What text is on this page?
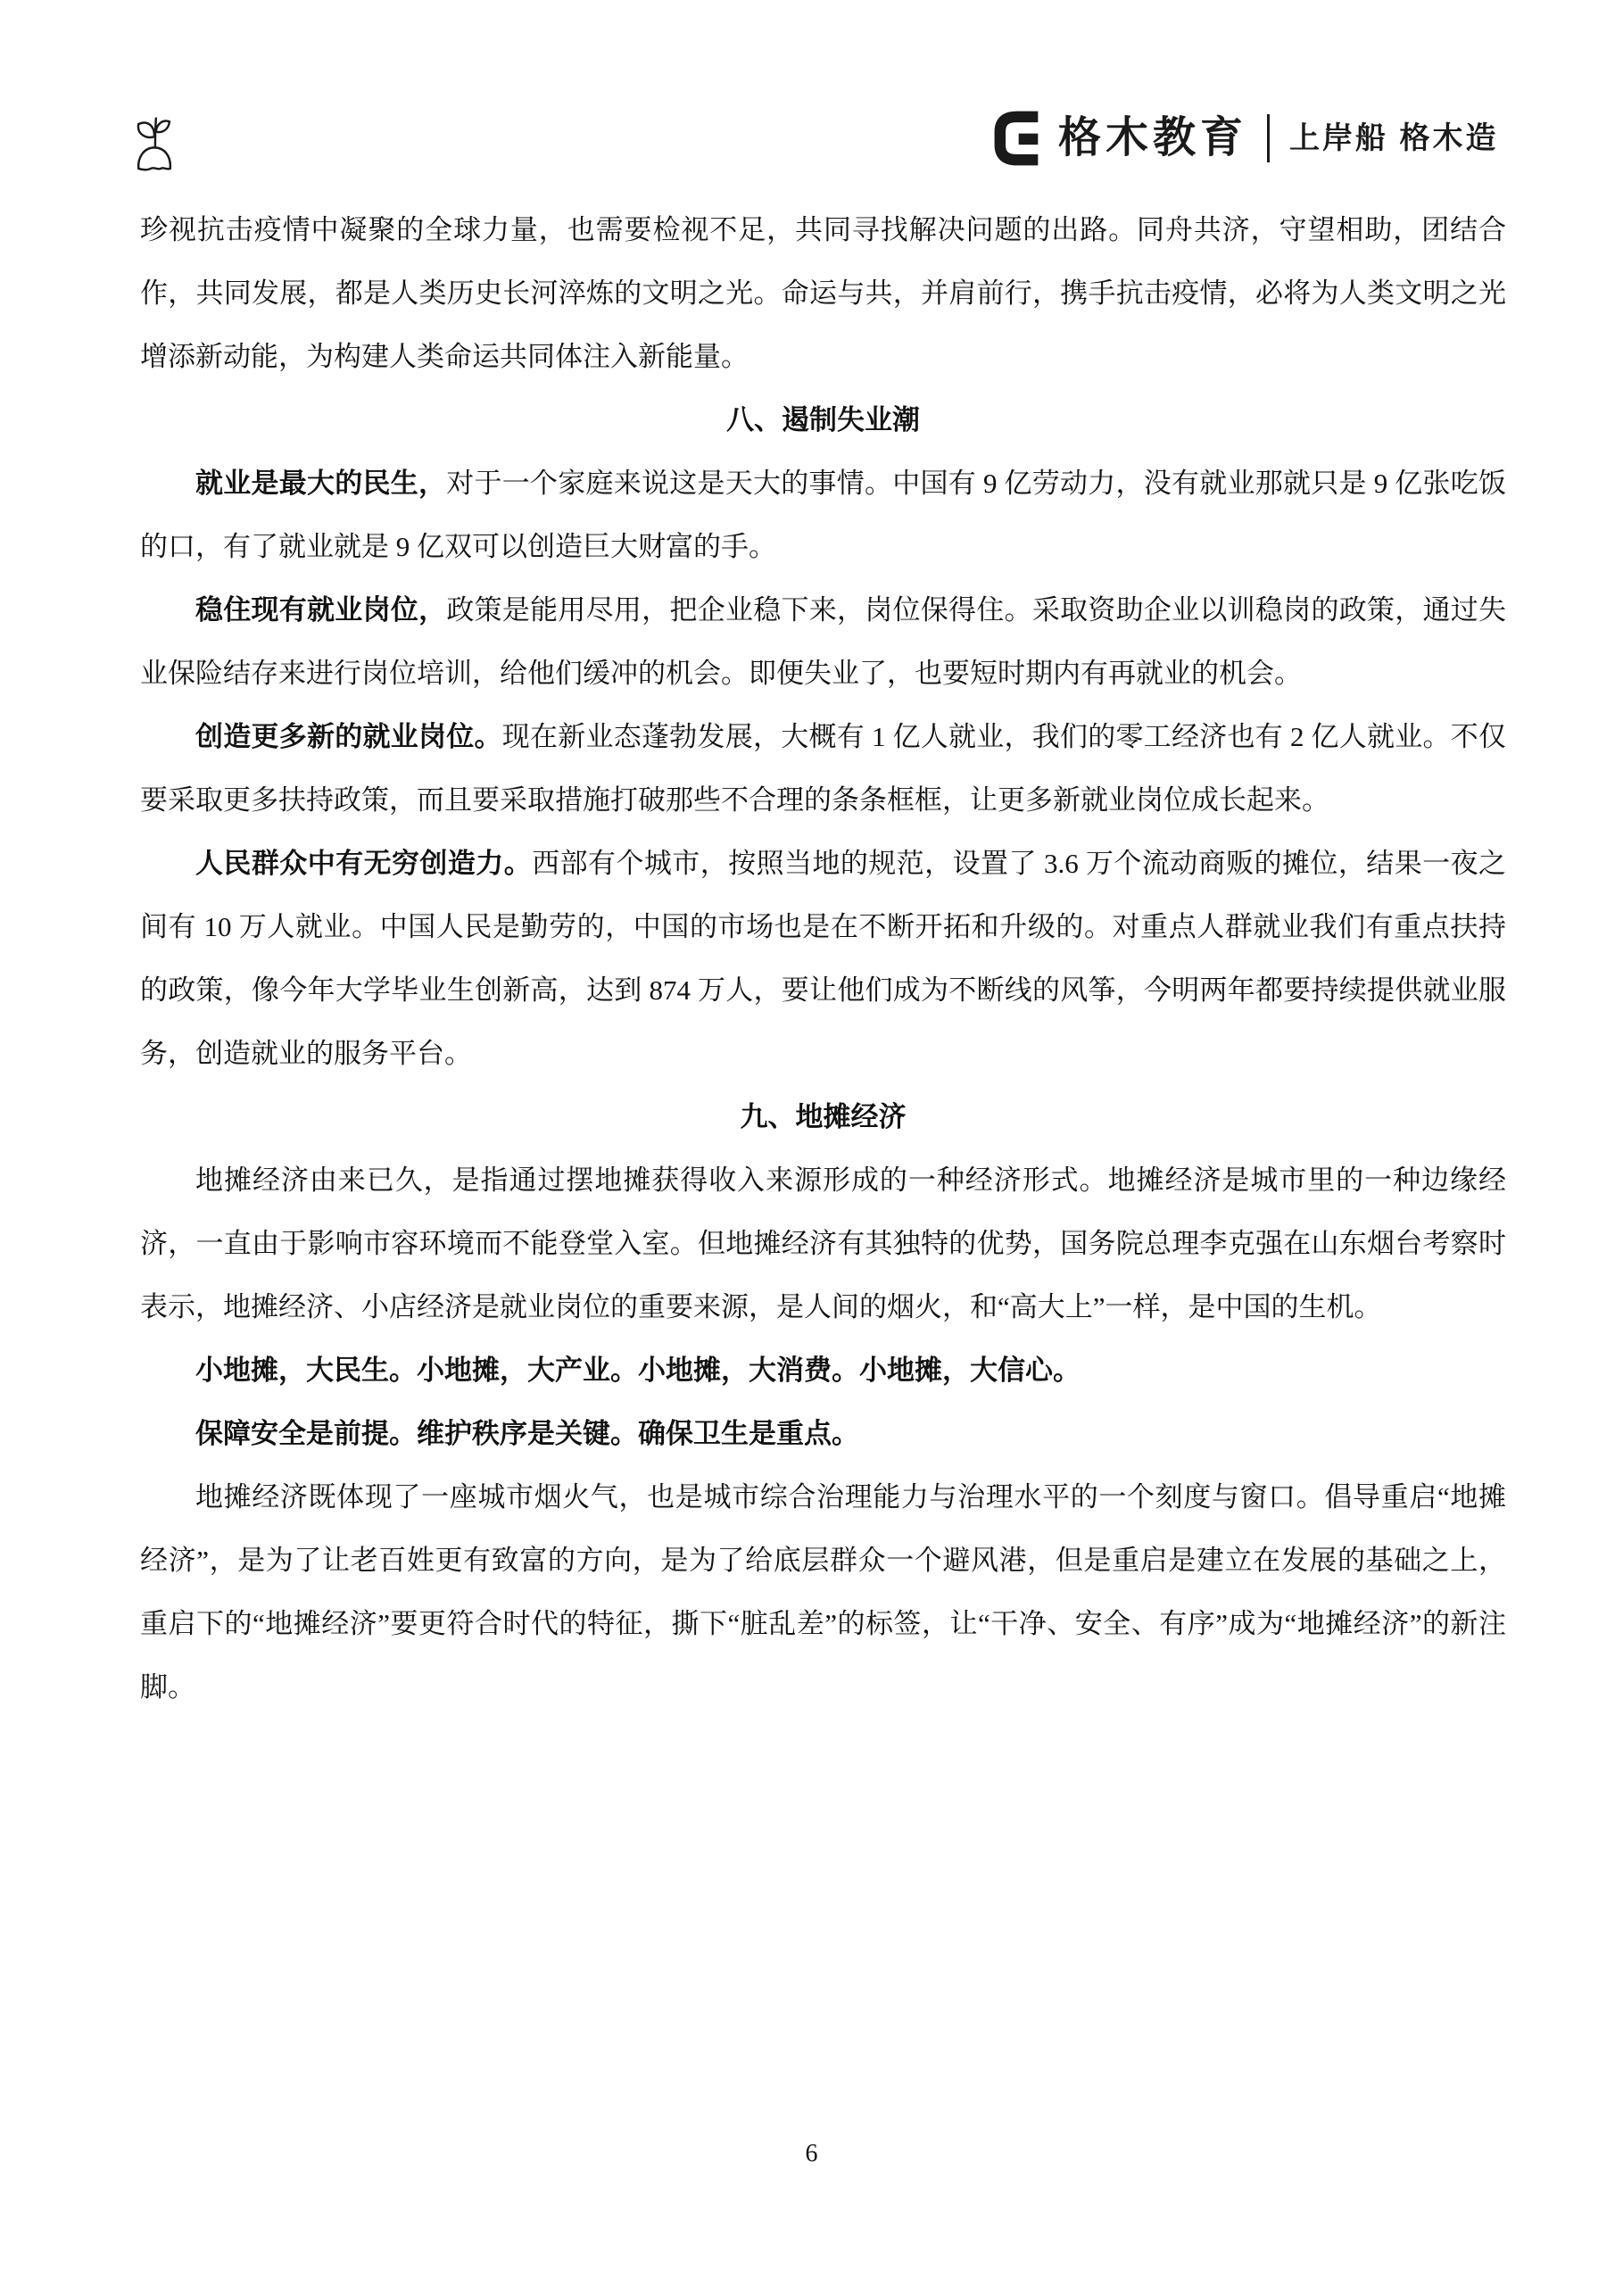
格木教育 上岸船 格木造

珍视抗击疫情中凝聚的全球力量，也需要检视不足，共同寻找解决问题的出路。同舟共济，守望相助，团结合作，共同发展，都是人类历史长河淬炼的文明之光。命运与共，并肩前行，携手抗击疫情，必将为人类文明之光增添新动能，为构建人类命运共同体注入新能量。

八、遏制失业潮

就业是最大的民生，对于一个家庭来说这是天大的事情。中国有 9 亿劳动力，没有就业那就只是 9 亿张吃饭的口，有了就业就是 9 亿双可以创造巨大财富的手。

稳住现有就业岗位，政策是能用尽用，把企业稳下来，岗位保得住。采取资助企业以训稳岗的政策，通过失业保险结存来进行岗位培训，给他们缓冲的机会。即便失业了，也要短时期内有再就业的机会。

创造更多新的就业岗位。现在新业态蓬勃发展，大概有 1 亿人就业，我们的零工经济也有 2 亿人就业。不仅要采取更多扶持政策，而且要采取措施打破那些不合理的条条框框，让更多新就业岗位成长起来。

人民群众中有无穷创造力。西部有个城市，按照当地的规范，设置了 3.6 万个流动商贩的摊位，结果一夜之间有 10 万人就业。中国人民是勤劳的，中国的市场也是在不断开拓和升级的。对重点人群就业我们有重点扶持的政策，像今年大学毕业生创新高，达到 874 万人，要让他们成为不断线的风筝，今明两年都要持续提供就业服务，创造就业的服务平台。

九、地摊经济

地摊经济由来已久，是指通过摆地摊获得收入来源形成的一种经济形式。地摊经济是城市里的一种边缘经济，一直由于影响市容环境而不能登堂入室。但地摊经济有其独特的优势，国务院总理李克强在山东烟台考察时表示，地摊经济、小店经济是就业岗位的重要来源，是人间的烟火，和“高大上”一样，是中国的生机。

小地摊，大民生。小地摊，大产业。小地摊，大消费。小地摊，大信心。

保障安全是前提。维护秩序是关键。确保卫生是重点。

地摊经济既体现了一座城市烟火气，也是城市综合治理能力与治理水平的一个刻度与窗口。倡导重启“地摊经济”，是为了让老百姓更有致富的方向，是为了给底层群众一个避风港，但是重启是建立在发展的基础之上，重启下的“地摊经济”要更符合时代的特征，撕下“脏乱差”的标签，让“干净、安全、有序”成为“地摊经济”的新注脚。

6
